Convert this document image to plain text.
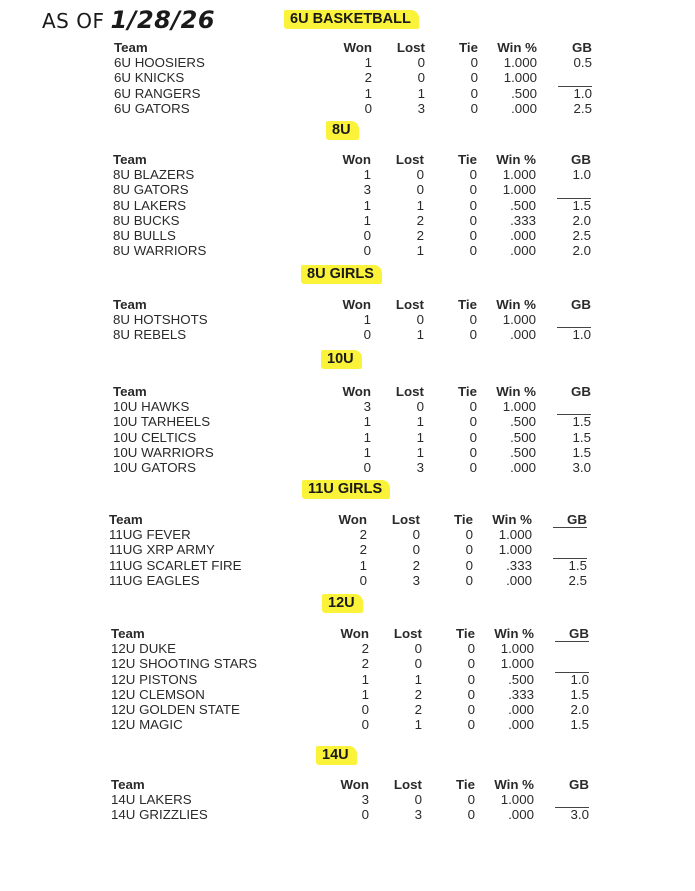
AS OF 1/28/26	6U BASKETBALL
Team	Won	Lost	Tie	Win %	GB
6U HOOSIERS	1	0	0	1.000	0.5
6U KNICKS	2	0	0	1.000
6U RANGERS	1	1	0	.500	1.0
6U GATORS	0	3	0	.000	2.5
8U
Team	Won	Lost	Tie	Win %	GB
8U BLAZERS	1	0	0	1.000	1.0
8U GATORS	3	0	0	1.000
8U LAKERS	1	1	0	.500	1.5
8U BUCKS	1	2	0	.333	2.0
8U BULLS	0	2	0	.000	2.5
8U WARRIORS	0	1	0	.000	2.0
8U GIRLS
Team	Won	Lost	Tie	Win %	GB
8U HOTSHOTS	1	0	0	1.000
8U REBELS	0	1	0	.000	1.0
10U
Team	Won	Lost	Tie	Win %	GB
10U HAWKS	3	0	0	1.000
10U TARHEELS	1	1	0	.500	1.5
10U CELTICS	1	1	0	.500	1.5
10U WARRIORS	1	1	0	.500	1.5
10U GATORS	0	3	0	.000	3.0
11U GIRLS
Team	Won	Lost	Tie	Win %	GB
11UG FEVER	2	0	0	1.000
11UG XRP ARMY	2	0	0	1.000
11UG SCARLET FIRE	1	2	0	.333	1.5
11UG EAGLES	0	3	0	.000	2.5
12U
Team	Won	Lost	Tie	Win %	GB
12U DUKE	2	0	0	1.000
12U SHOOTING STARS	2	0	0	1.000
12U PISTONS	1	1	0	.500	1.0
12U CLEMSON	1	2	0	.333	1.5
12U GOLDEN STATE	0	2	0	.000	2.0
12U MAGIC	0	1	0	.000	1.5
14U
Team	Won	Lost	Tie	Win %	GB
14U LAKERS	3	0	0	1.000
14U GRIZZLIES	0	3	0	.000	3.0
